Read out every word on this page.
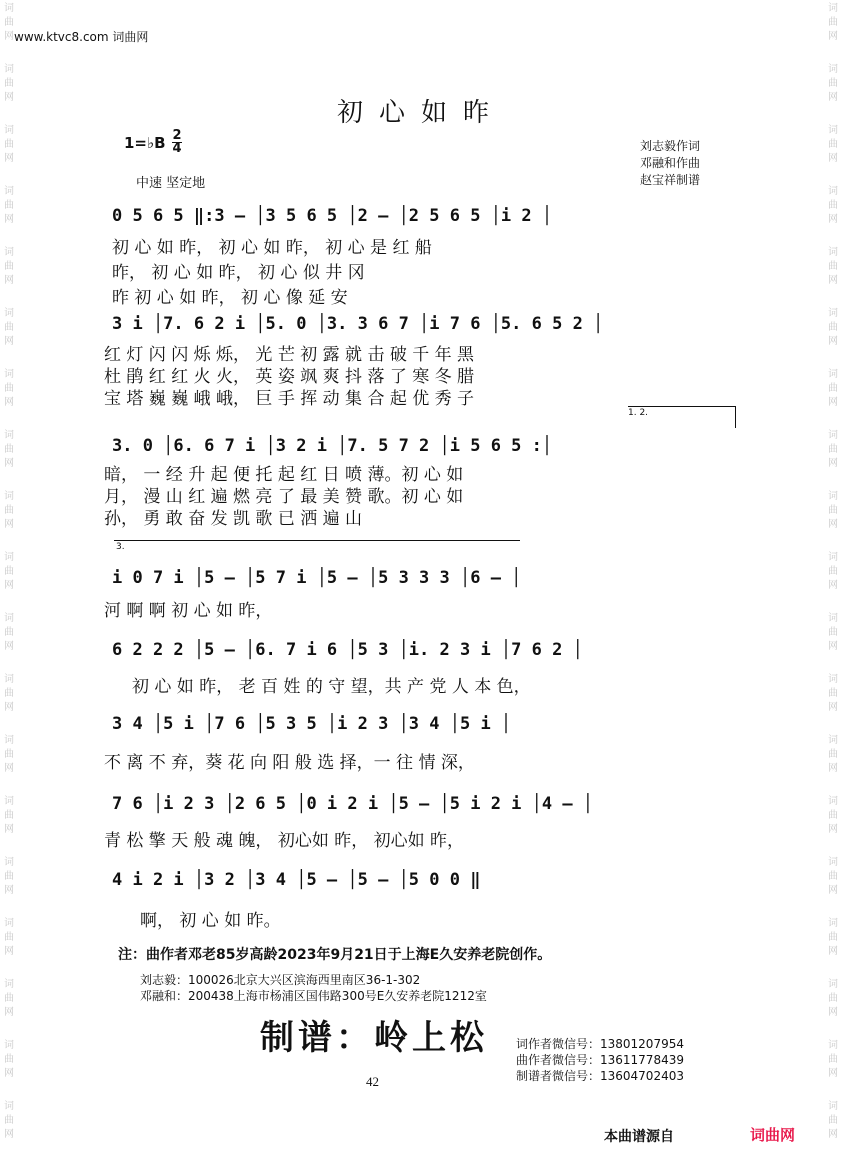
www.ktvc8.com 词曲网
词
曲
网
词
曲
网
词
曲
网
词
曲
网
词
曲
网
词
曲
网
词
曲
网
词
曲
网
词
曲
网
词
曲
网
词
曲
网
词
曲
网
词
曲
网
词
曲
网
词
曲
网
词
曲
网
词
曲
网
词
曲
网
词
曲
网
词
曲
网
词
曲
网
词
曲
网
词
曲
网
词
曲
网
词
曲
网
词
曲
网
词
曲
网
词
曲
网
词
曲
网
词
曲
网
词
曲
网
词
曲
网
词
曲
网
词
曲
网
词
曲
网
词
曲
网
词
曲
网
词
曲
网
初心如昨
1=♭B 2
4
中速 坚定地
刘志毅作词
邓融和作曲
赵宝祥制谱
0 5 6 5 ‖:3 – │3 5 6 5 │2 – │2 5 6 5 │i 2 │
初 心 如 昨， 初 心 如 昨， 初 心 是 红 船
昨， 初 心 如 昨， 初 心 似 井 冈
昨 初 心 如 昨， 初 心 像 延 安
3 i │7. 6 2 i │5. 0 │3. 3 6 7 │i 7 6 │5. 6 5 2 │
红 灯 闪 闪 烁 烁， 光 芒 初 露 就 击 破 千 年 黑
杜 鹃 红 红 火 火， 英 姿 飒 爽 抖 落 了 寒 冬 腊
宝 塔 巍 巍 峨 峨， 巨 手 挥 动 集 合 起 优 秀 子
1. 2.
3. 0 │6. 6 7 i │3 2 i │7. 5 7 2 │i 5 6 5 :│
暗， 一 经 升 起 便 托 起 红 日 喷 薄。初 心 如
月， 漫 山 红 遍 燃 亮 了 最 美 赞 歌。初 心 如
孙， 勇 敢 奋 发 凯 歌 已 洒 遍 山
3.
i 0 7 i │5 – │5 7 i │5 – │5 3 3 3 │6 – │
河 啊 啊 初 心 如 昨，
6 2 2 2 │5 – │6. 7 i 6 │5 3 │i. 2 3 i │7 6 2 │
初 心 如 昨， 老 百 姓 的 守 望，共 产 党 人 本 色，
3 4 │5 i │7 6 │5 3 5 │i 2 3 │3 4 │5 i │
不 离 不 弃，葵 花 向 阳 般 选 择，一 往 情 深，
7 6 │i 2 3 │2 6 5 │0 i 2 i │5 – │5 i 2 i │4 – │
青 松 擎 天 般 魂 魄， 初心如 昨， 初心如 昨，
4 i 2 i │3 2 │3 4 │5 – │5 – │5 0 0 ‖
啊， 初 心 如 昨。
注：曲作者邓老85岁高龄2023年9月21日于上海E久安养老院创作。
刘志毅：100026北京大兴区滨海西里南区36-1-302
邓融和：200438上海市杨浦区国伟路300号E久安养老院1212室
制谱：岭上松 词作者微信号：13801207954
曲作者微信号：13611778439
制谱者微信号：13604702403
42
本曲谱源自	词曲网
